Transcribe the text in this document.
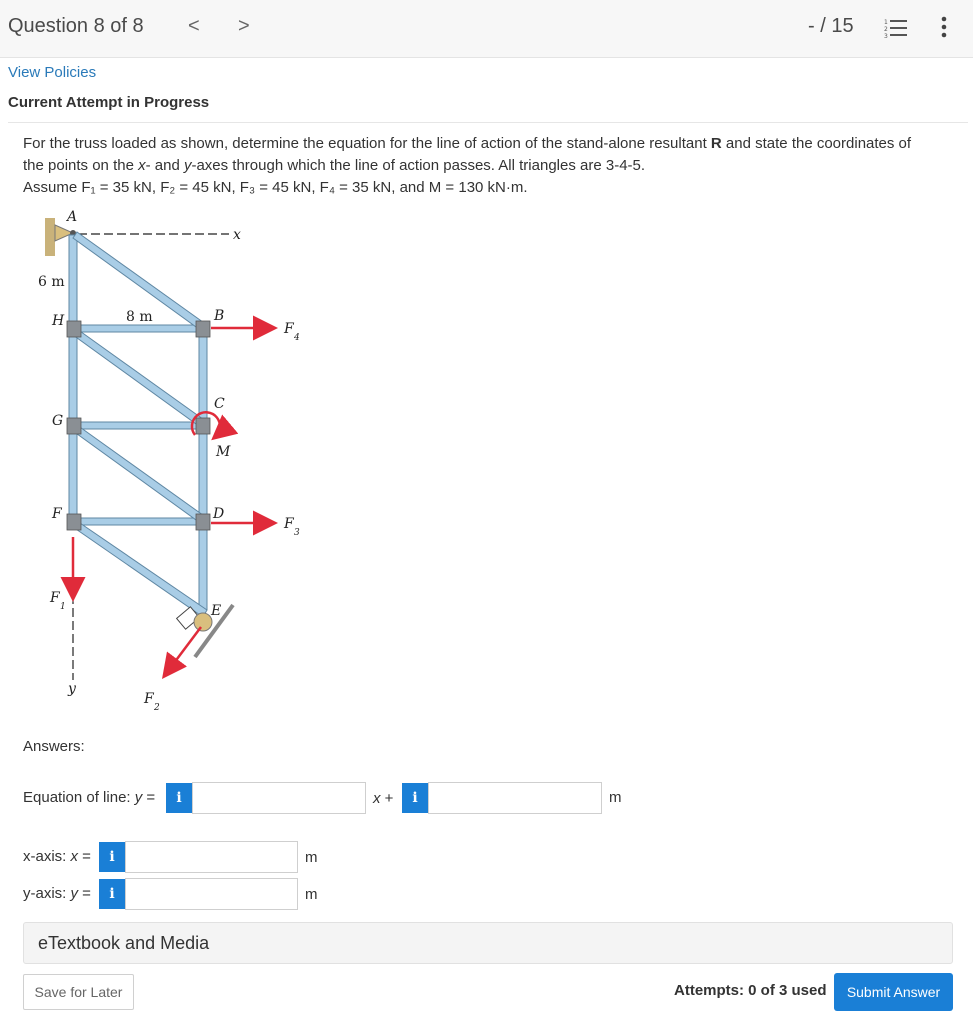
Question 8 of 8 < >	- / 15	1
2
3
View Policies
Current Attempt in Progress
For the truss loaded as shown, determine the equation for the line of action of the stand-alone resultant R and state the coordinates of
the points on the x- and y-axes through which the line of action passes. All triangles are 3-4-5.
Assume F₁ = 35 kN, F₂ = 45 kN, F₃ = 45 kN, F₄ = 35 kN, and M = 130 kN·m.
A
x
6 m
8 m
H	B
G
C
M
F	D
E
y
F
4
F
3
F
1
F
2
Answers:
Equation of line: y =	i	x +	i	m
x-axis: x =	i	m
y-axis: y =	i	m
eTextbook and Media
Save for Later	Attempts: 0 of 3 used	Submit Answer
